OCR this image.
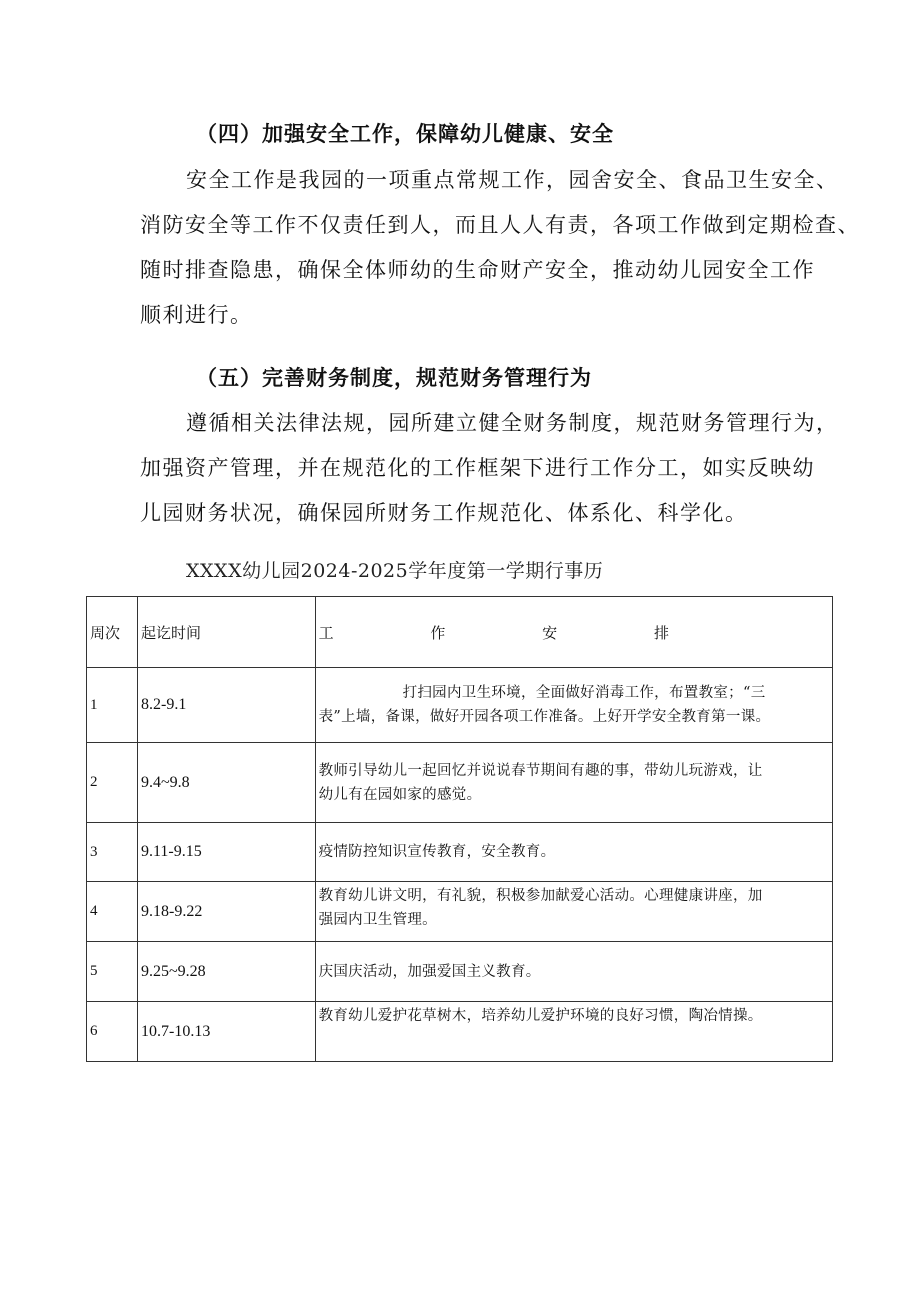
（四）加强安全工作，保障幼儿健康、安全
安全工作是我园的一项重点常规工作，园舍安全、食品卫生安全、
消防安全等工作不仅责任到人，而且人人有责，各项工作做到定期检查、
随时排查隐患，确保全体师幼的生命财产安全，推动幼儿园安全工作
顺利进行。
（五）完善财务制度，规范财务管理行为
遵循相关法律法规，园所建立健全财务制度，规范财务管理行为，
加强资产管理，并在规范化的工作框架下进行工作分工，如实反映幼
儿园财务状况，确保园所财务工作规范化、体系化、科学化。
XXXX幼儿园2024-2025学年度第一学期行事历
周次	起讫时间	工 作 安 排

1	8.2-9.1	打扫园内卫生环境，全面做好消毒工作，布置教室；“三
表”上墙，备课，做好开园各项工作准备。上好开学安全教育第一课。

2	9.4~9.8	教师引导幼儿一起回忆并说说春节期间有趣的事，带幼儿玩游戏，让
幼儿有在园如家的感觉。

3	9.11-9.15	疫情防控知识宣传教育，安全教育。

4	9.18-9.22	教育幼儿讲文明，有礼貌，积极参加献爱心活动。心理健康讲座，加
强园内卫生管理。

5	9.25~9.28	庆国庆活动，加强爱国主义教育。

6	10.7-10.13	教育幼儿爱护花草树木，培养幼儿爱护环境的良好习惯，陶冶情操。
